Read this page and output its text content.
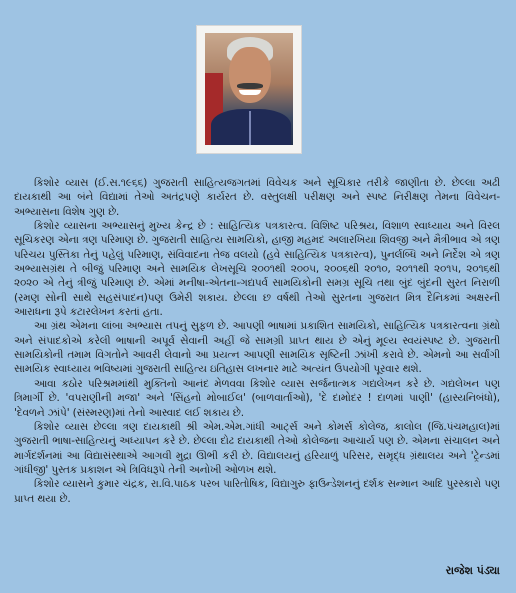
કિશોર વ્યાસ (ઈ.સ.૧૯૬૬) ગુજરાતી સાહિત્યજગતમાં વિવેચક અને સૂચિકાર તરીકે જાણીતા છે. છેલ્લા અઢી દાયકાથી આ બંને વિદ્યામાં તેઓ અતંદ્રપણે કાર્યરત છે. વસ્તુલક્ષી પરીક્ષણ અને સ્પષ્ટ નિરીક્ષણ તેમના વિવેચન-અભ્યાસના વિશેષ ગુણ છે.

કિશોર વ્યાસના અભ્યાસનું મુખ્ય કેન્દ્ર છે : સાહિત્યિક પત્રકારત્વ. વિશિષ્ટ પરિશ્રય, વિશાળ સ્વાધ્યાય અને વિરલ સૂચિકરણ એના ત્રણ પરિમાણ છે. ગુજરાતી સાહિત્ય સામયિકો, હાજી મહમદ અલારખિયા શિવજી અને મૈત્રીભાવ એ ત્રણ પરિચય પુસ્તિકા તેનું પહેલું પરિમાણ, સંવિવાદના તેજ વલયો (હવે સાહિત્યિક પત્રકારત્વ), પુનર્લબ્ધિ અને નિર્દેશ એ ત્રણ અભ્યાસગ્રંથ તે બીજું પરિમાણ અને સામયિક લેખસૂચિ ૨૦૦૧થી ૨૦૦૫, ૨૦૦૬થી ૨૦૧૦, ૨૦૧૧થી ૨૦૧૫, ૨૦૧૬થી ૨૦૨૦ એ તેનું ત્રીજું પરિમાણ છે. એમાં મનીષા-એતના-ગદ્યપર્વ સામયિકોની સમગ્ર સૂચિ તથા બુંદ બુંદની સુરત નિરાળી (રમણ સોની સાથે સહસંપાદન)પણ ઉમેરી શકાય. છેલ્લા છ વર્ષથી તેઓ સુરતના ગુજરાત મિત્ર દૈનિકમાં અક્ષરની આરાધના રૂપે કટારલેખન કરતાં હતા.

આ ગ્રંથ એમના લાંબા અભ્યાસ તપનું સુફળ છે. આપણી ભાષામાં પ્રકાશિત સામયિકો, સાહિત્યિક પત્રકારત્વના ગ્રંથો અને સંપાદકોએ કરેલી ભાષાની અપૂર્વ સેવાની અહીં જે સામગ્રી પ્રાપ્ત થાય છે એનું મૂલ્ય સ્વયંસ્પષ્ટ છે. ગુજરાતી સામયિકોની તમામ વિગતોને આવરી લેવાનો આ પ્રયત્ન આપણી સામયિક સૃષ્ટિની ઝાંખી કરાવે છે. એમનો આ સર્વાંગી સામયિક સ્વાધ્યાય ભવિષ્યમાં ગુજરાતી સાહિત્ય ઇતિહાસ લખનાર માટે અત્યંત ઉપયોગી પૂરવાર થશે.

આવા કઠોર પરિશ્રમમાંથી મુક્તિનો આનંદ મેળવવા કિશોર વ્યાસ સર્જનાત્મક ગદ્યલેખન કરે છે. ગદ્યલેખન પણ ત્રિમાર્ગી છે. 'વપરાણીની મજા' અને 'સિંહનો મોબાઈલ' (બાળવાર્તાઓ), 'દે દામોદર ! દાળમાં પાણી' (હાસ્યનિબંધો), 'દેવળને ઝાંપે' (સંસ્મરણ)માં તેનો આસ્વાદ લઈ શકાય છે.

કિશોર વ્યાસ છેલ્લા ત્રણ દાયકાથી શ્રી એમ.એમ.ગાંધી આર્ટ્સ અને કોમર્સ કોલેજ, કાલોલ (જિ.પંચમહાલ)માં ગુજરાતી ભાષા-સાહિત્યનું અધ્યાપન કરે છે. છેલ્લા દોઢ દાયકાથી તેઓ કોલેજના આચાર્ય પણ છે. એમના સંચાલન અને માર્ગદર્શનમાં આ વિદ્યાસંસ્થાએ આગવી મુદ્રા ઊભી કરી છે. વિદ્યાલયનું હરિયાળું પરિસર, સમૃદ્ધ ગ્રંથાલય અને 'ટ્રેન્ડમાં ગાંધીજી' પુસ્તક પ્રકાશન એ ત્રિવિધરૂપે તેની અનોખી ઓળખ થશે.

કિશોર વ્યાસને કુમાર ચંદ્રક, રા.વિ.પાઠક પરબ પારિતોષિક, વિદ્યાગુરુ ફાઉન્ડેશનનું દર્શક સન્માન આદિ પુરસ્કારો પણ પ્રાપ્ત થયા છે.

રાજેશ પંડ્યા
